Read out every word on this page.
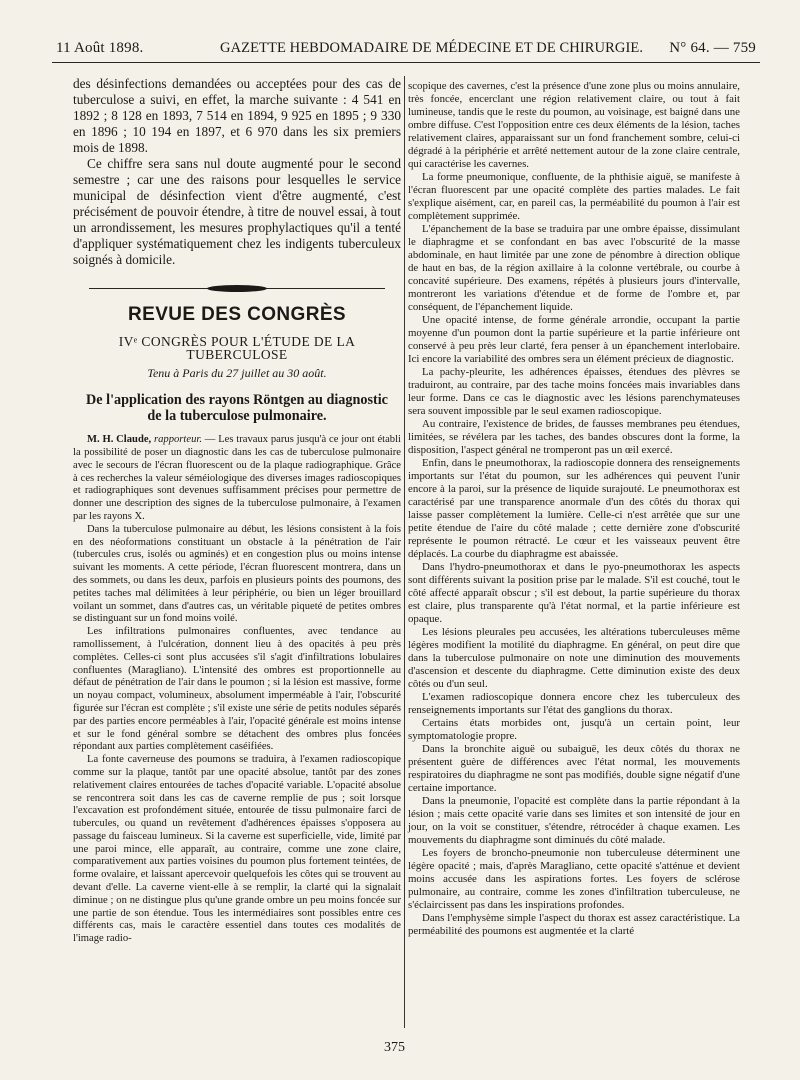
11 Août 1898.	GAZETTE HEBDOMADAIRE DE MÉDECINE ET DE CHIRURGIE. N° 64. — 759

des désinfections demandées ou acceptées pour des cas de tuberculose a suivi, en effet, la marche suivante : 4 541 en 1892 ; 8 128 en 1893, 7 514 en 1894, 9 925 en 1895 ; 9 330 en 1896 ; 10 194 en 1897, et 6 970 dans les six premiers mois de 1898.

Ce chiffre sera sans nul doute augmenté pour le second semestre ; car une des raisons pour lesquelles le service municipal de désinfection vient d'être augmenté, c'est précisément de pouvoir étendre, à titre de nouvel essai, à tout un arrondissement, les mesures prophylactiques qu'il a tenté d'appliquer systématiquement chez les indigents tuberculeux soignés à domicile.

REVUE DES CONGRÈS
IVᵉ CONGRÈS POUR L'ÉTUDE DE LA TUBERCULOSE
Tenu à Paris du 27 juillet au 30 août.
De l'application des rayons Röntgen au diagnostic de la tuberculose pulmonaire.

M. H. Claude, rapporteur. — Les travaux parus jusqu'à ce jour ont établi la possibilité de poser un diagnostic dans les cas de tuberculose pulmonaire avec le secours de l'écran fluorescent ou de la plaque radiographique. Grâce à ces recherches la valeur séméiologique des diverses images radioscopiques et radiographiques sont devenues suffisamment précises pour permettre de donner une description des signes de la tuberculose pulmonaire, à l'examen par les rayons X.

Dans la tuberculose pulmonaire au début, les lésions consistent à la fois en des néoformations constituant un obstacle à la pénétration de l'air (tubercules crus, isolés ou agminés) et en congestion plus ou moins intense suivant les moments. A cette période, l'écran fluorescent montrera, dans un des sommets, ou dans les deux, parfois en plusieurs points des poumons, des petites taches mal délimitées à leur périphérie, ou bien un léger brouillard voilant un sommet, dans d'autres cas, un véritable piqueté de petites ombres se distinguant sur un fond moins voilé.

Les infiltrations pulmonaires confluentes, avec tendance au ramollissement, à l'ulcération, donnent lieu à des opacités à peu près complètes. Celles-ci sont plus accusées s'il s'agit d'infiltrations lobulaires confluentes (Maragliano). L'intensité des ombres est proportionnelle au défaut de pénétration de l'air dans le poumon ; si la lésion est massive, forme un noyau compact, volumineux, absolument imperméable à l'air, l'obscurité figurée sur l'écran est complète ; s'il existe une série de petits nodules séparés par des parties encore perméables à l'air, l'opacité générale est moins intense et sur le fond général sombre se détachent des ombres plus foncées répondant aux parties complètement caséifiées.

La fonte caverneuse des poumons se traduira, à l'examen radioscopique comme sur la plaque, tantôt par une opacité absolue, tantôt par des zones relativement claires entourées de taches d'opacité variable. L'opacité absolue se rencontrera soit dans les cas de caverne remplie de pus ; soit lorsque l'excavation est profondément située, entourée de tissu pulmonaire farci de tubercules, ou quand un revêtement d'adhérences épaisses s'opposera au passage du faisceau lumineux. Si la caverne est superficielle, vide, limité par une paroi mince, elle apparaît, au contraire, comme une zone claire, comparativement aux parties voisines du poumon plus fortement teintées, de forme ovalaire, et laissant apercevoir quelquefois les côtes qui se trouvent au devant d'elle. La caverne vient-elle à se remplir, la clarté qui la signalait diminue ; on ne distingue plus qu'une grande ombre un peu moins foncée sur une partie de son étendue. Tous les intermédiaires sont possibles entre ces différents cas, mais le caractère essentiel dans toutes ces modalités de l'image radio-

scopique des cavernes, c'est la présence d'une zone plus ou moins annulaire, très foncée, encerclant une région relativement claire, ou tout à fait lumineuse, tandis que le reste du poumon, au voisinage, est baigné dans une ombre diffuse. C'est l'opposition entre ces deux éléments de la lésion, taches relativement claires, apparaissant sur un fond franchement sombre, celui-ci dégradé à la périphérie et arrêté nettement autour de la zone claire centrale, qui caractérise les cavernes.

La forme pneumonique, confluente, de la phthisie aiguë, se manifeste à l'écran fluorescent par une opacité complète des parties malades. Le fait s'explique aisément, car, en pareil cas, la perméabilité du poumon à l'air est complètement supprimée.

L'épanchement de la base se traduira par une ombre épaisse, dissimulant le diaphragme et se confondant en bas avec l'obscurité de la masse abdominale, en haut limitée par une zone de pénombre à direction oblique de haut en bas, de la région axillaire à la colonne vertébrale, ou courbe à concavité supérieure. Des examens, répétés à plusieurs jours d'intervalle, montreront les variations d'étendue et de forme de l'ombre et, par conséquent, de l'épanchement liquide.

Une opacité intense, de forme générale arrondie, occupant la partie moyenne d'un poumon dont la partie supérieure et la partie inférieure ont conservé à peu près leur clarté, fera penser à un épanchement interlobaire. Ici encore la variabilité des ombres sera un élément précieux de diagnostic.

La pachy-pleurite, les adhérences épaisses, étendues des plèvres se traduiront, au contraire, par des tache moins foncées mais invariables dans leur forme. Dans ce cas le diagnostic avec les lésions parenchymateuses sera souvent impossible par le seul examen radioscopique.

Au contraire, l'existence de brides, de fausses membranes peu étendues, limitées, se révélera par les taches, des bandes obscures dont la forme, la disposition, l'aspect général ne tromperont pas un œil exercé.

Enfin, dans le pneumothorax, la radioscopie donnera des renseignements importants sur l'état du poumon, sur les adhérences qui peuvent l'unir encore à la paroi, sur la présence de liquide surajouté. Le pneumothorax est caractérisé par une transparence anormale d'un des côtés du thorax qui laisse passer complètement la lumière. Celle-ci n'est arrêtée que sur une petite étendue de l'aire du côté malade ; cette dernière zone d'obscurité représente le poumon rétracté. Le cœur et les vaisseaux peuvent être déplacés. La courbe du diaphragme est abaissée.

Dans l'hydro-pneumothorax et dans le pyo-pneumothorax les aspects sont différents suivant la position prise par le malade. S'il est couché, tout le côté affecté apparaît obscur ; s'il est debout, la partie supérieure du thorax est claire, plus transparente qu'à l'état normal, et la partie inférieure est opaque.

Les lésions pleurales peu accusées, les altérations tuberculeuses même légères modifient la motilité du diaphragme. En général, on peut dire que dans la tuberculose pulmonaire on note une diminution des mouvements d'ascension et descente du diaphragme. Cette diminution existe des deux côtés ou d'un seul.

L'examen radioscopique donnera encore chez les tuberculeux des renseignements importants sur l'état des ganglions du thorax.

Certains états morbides ont, jusqu'à un certain point, leur symptomatologie propre.

Dans la bronchite aiguë ou subaiguë, les deux côtés du thorax ne présentent guère de différences avec l'état normal, les mouvements respiratoires du diaphragme ne sont pas modifiés, double signe négatif d'une certaine importance.

Dans la pneumonie, l'opacité est complète dans la partie répondant à la lésion ; mais cette opacité varie dans ses limites et son intensité de jour en jour, on la voit se constituer, s'étendre, rétrocéder à chaque examen. Les mouvements du diaphragme sont diminués du côté malade.

Les foyers de broncho-pneumonie non tuberculeuse déterminent une légère opacité ; mais, d'après Maragliano, cette opacité s'atténue et devient moins accusée dans les aspirations fortes. Les foyers de sclérose pulmonaire, au contraire, comme les zones d'infiltration tuberculeuse, ne s'éclaircissent pas dans les inspirations profondes.

Dans l'emphysème simple l'aspect du thorax est assez caractéristique. La perméabilité des poumons est augmentée et la clarté

375
